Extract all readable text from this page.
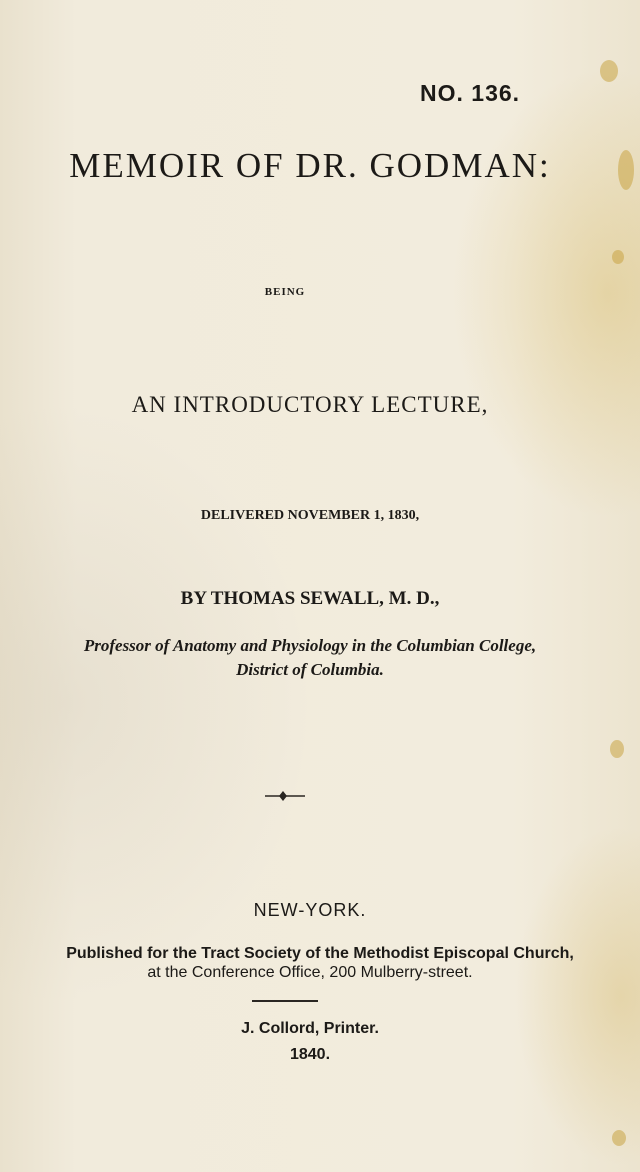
NO. 136.
MEMOIR OF DR. GODMAN:
BEING
AN INTRODUCTORY LECTURE,
DELIVERED NOVEMBER 1, 1830,
BY THOMAS SEWALL, M. D.,
Professor of Anatomy and Physiology in the Columbian College,
District of Columbia.
NEW-YORK.
Published for the Tract Society of the Methodist Episcopal Church,
at the Conference Office, 200 Mulberry-street.
J. Collord, Printer.
1840.
